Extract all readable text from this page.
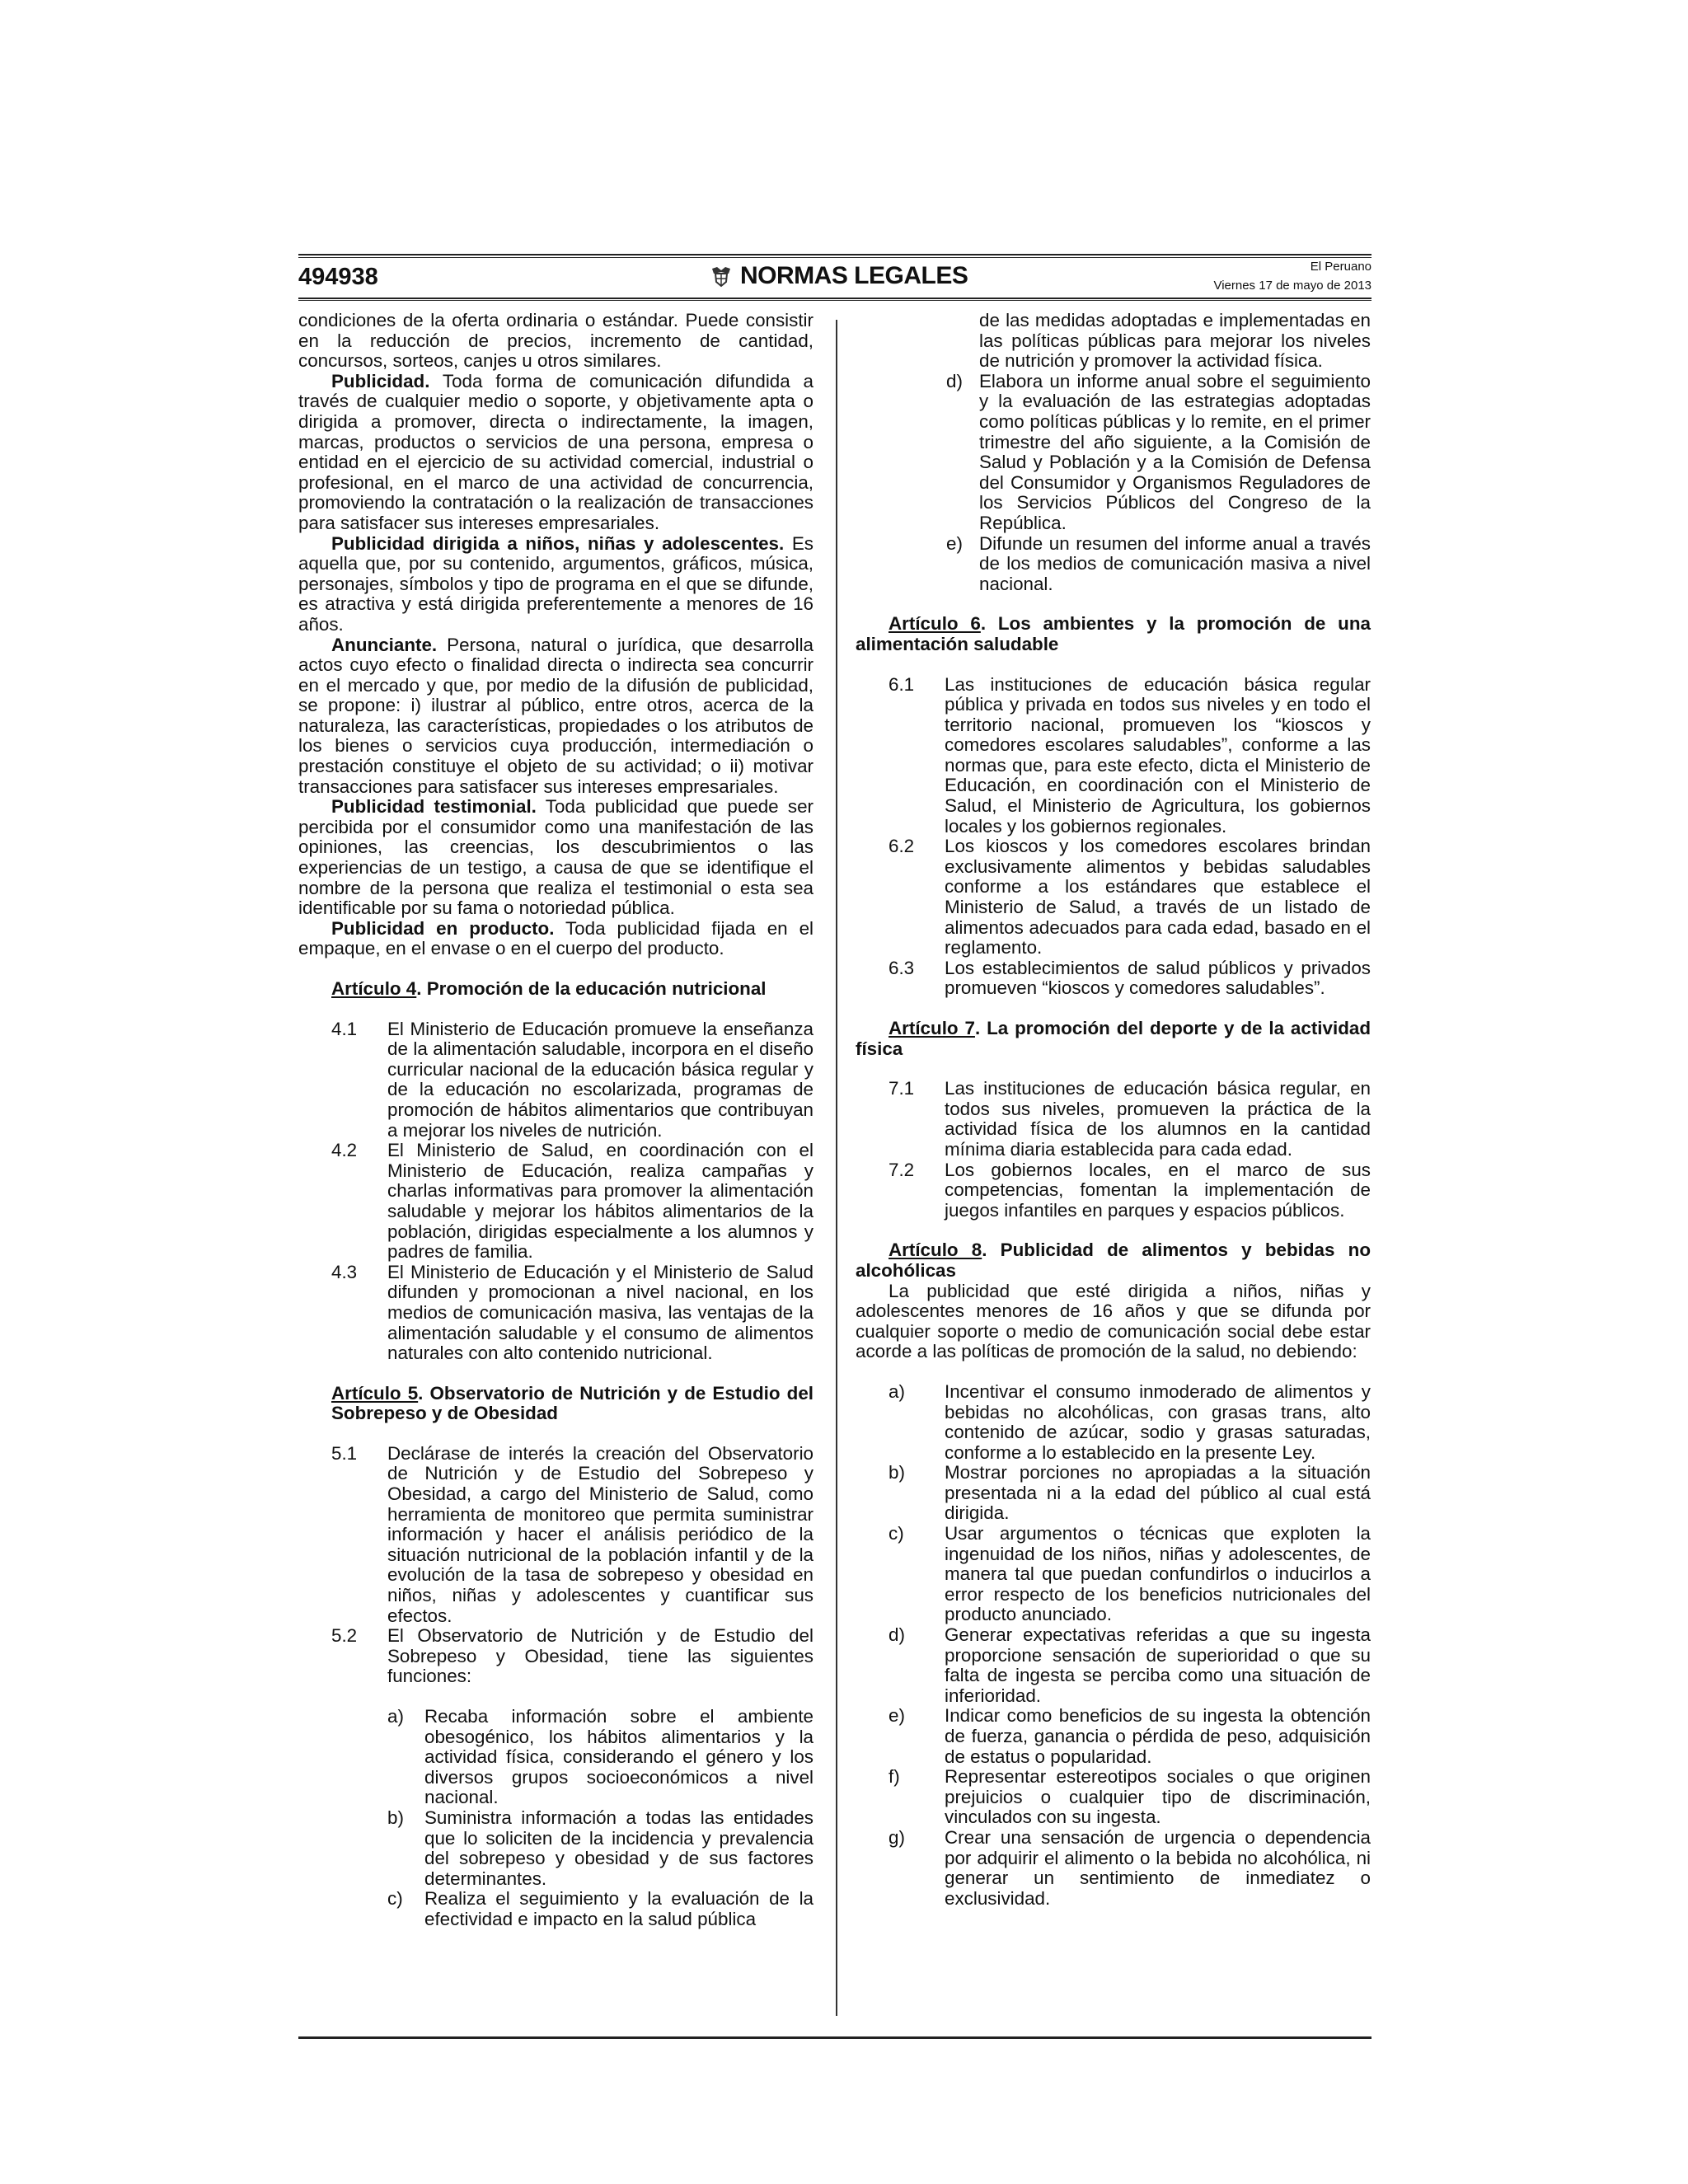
494938	NORMAS LEGALES	El Peruano
Viernes 17 de mayo de 2013

condiciones de la oferta ordinaria o estándar. Puede consistir en la reducción de precios, incremento de cantidad, concursos, sorteos, canjes u otros similares.

Publicidad. Toda forma de comunicación difundida a través de cualquier medio o soporte, y objetivamente apta o dirigida a promover, directa o indirectamente, la imagen, marcas, productos o servicios de una persona, empresa o entidad en el ejercicio de su actividad comercial, industrial o profesional, en el marco de una actividad de concurrencia, promoviendo la contratación o la realización de transacciones para satisfacer sus intereses empresariales.

Publicidad dirigida a niños, niñas y adolescentes. Es aquella que, por su contenido, argumentos, gráficos, música, personajes, símbolos y tipo de programa en el que se difunde, es atractiva y está dirigida preferentemente a menores de 16 años.

Anunciante. Persona, natural o jurídica, que desarrolla actos cuyo efecto o finalidad directa o indirecta sea concurrir en el mercado y que, por medio de la difusión de publicidad, se propone: i) ilustrar al público, entre otros, acerca de la naturaleza, las características, propiedades o los atributos de los bienes o servicios cuya producción, intermediación o prestación constituye el objeto de su actividad; o ii) motivar transacciones para satisfacer sus intereses empresariales.

Publicidad testimonial. Toda publicidad que puede ser percibida por el consumidor como una manifestación de las opiniones, las creencias, los descubrimientos o las experiencias de un testigo, a causa de que se identifique el nombre de la persona que realiza el testimonial o esta sea identificable por su fama o notoriedad pública.

Publicidad en producto. Toda publicidad fijada en el empaque, en el envase o en el cuerpo del producto.

Artículo 4. Promoción de la educación nutricional

4.1	El Ministerio de Educación promueve la enseñanza de la alimentación saludable, incorpora en el diseño curricular nacional de la educación básica regular y de la educación no escolarizada, programas de promoción de hábitos alimentarios que contribuyan a mejorar los niveles de nutrición.
4.2	El Ministerio de Salud, en coordinación con el Ministerio de Educación, realiza campañas y charlas informativas para promover la alimentación saludable y mejorar los hábitos alimentarios de la población, dirigidas especialmente a los alumnos y padres de familia.
4.3	El Ministerio de Educación y el Ministerio de Salud difunden y promocionan a nivel nacional, en los medios de comunicación masiva, las ventajas de la alimentación saludable y el consumo de alimentos naturales con alto contenido nutricional.

Artículo 5. Observatorio de Nutrición y de Estudio del Sobrepeso y de Obesidad

5.1	Declárase de interés la creación del Observatorio de Nutrición y de Estudio del Sobrepeso y Obesidad, a cargo del Ministerio de Salud, como herramienta de monitoreo que permita suministrar información y hacer el análisis periódico de la situación nutricional de la población infantil y de la evolución de la tasa de sobrepeso y obesidad en niños, niñas y adolescentes y cuantificar sus efectos.
5.2	El Observatorio de Nutrición y de Estudio del Sobrepeso y Obesidad, tiene las siguientes funciones:
a)	Recaba información sobre el ambiente obesogénico, los hábitos alimentarios y la actividad física, considerando el género y los diversos grupos socioeconómicos a nivel nacional.
b)	Suministra información a todas las entidades que lo soliciten de la incidencia y prevalencia del sobrepeso y obesidad y de sus factores determinantes.
c)	Realiza el seguimiento y la evaluación de la efectividad e impacto en la salud pública
de las medidas adoptadas e implementadas en las políticas públicas para mejorar los niveles de nutrición y promover la actividad física.
d) Elabora un informe anual sobre el seguimiento y la evaluación de las estrategias adoptadas como políticas públicas y lo remite, en el primer trimestre del año siguiente, a la Comisión de Salud y Población y a la Comisión de Defensa del Consumidor y Organismos Reguladores de los Servicios Públicos del Congreso de la República.
e) Difunde un resumen del informe anual a través de los medios de comunicación masiva a nivel nacional.

Artículo 6. Los ambientes y la promoción de una alimentación saludable

6.1	Las instituciones de educación básica regular pública y privada en todos sus niveles y en todo el territorio nacional, promueven los “kioscos y comedores escolares saludables”, conforme a las normas que, para este efecto, dicta el Ministerio de Educación, en coordinación con el Ministerio de Salud, el Ministerio de Agricultura, los gobiernos locales y los gobiernos regionales.
6.2	Los kioscos y los comedores escolares brindan exclusivamente alimentos y bebidas saludables conforme a los estándares que establece el Ministerio de Salud, a través de un listado de alimentos adecuados para cada edad, basado en el reglamento.
6.3	Los establecimientos de salud públicos y privados promueven “kioscos y comedores saludables”.

Artículo 7. La promoción del deporte y de la actividad física

7.1	Las instituciones de educación básica regular, en todos sus niveles, promueven la práctica de la actividad física de los alumnos en la cantidad mínima diaria establecida para cada edad.
7.2	Los gobiernos locales, en el marco de sus competencias, fomentan la implementación de juegos infantiles en parques y espacios públicos.

Artículo 8. Publicidad de alimentos y bebidas no alcohólicas

La publicidad que esté dirigida a niños, niñas y adolescentes menores de 16 años y que se difunda por cualquier soporte o medio de comunicación social debe estar acorde a las políticas de promoción de la salud, no debiendo:

a)	Incentivar el consumo inmoderado de alimentos y bebidas no alcohólicas, con grasas trans, alto contenido de azúcar, sodio y grasas saturadas, conforme a lo establecido en la presente Ley.
b)	Mostrar porciones no apropiadas a la situación presentada ni a la edad del público al cual está dirigida.
c)	Usar argumentos o técnicas que exploten la ingenuidad de los niños, niñas y adolescentes, de manera tal que puedan confundirlos o inducirlos a error respecto de los beneficios nutricionales del producto anunciado.
d)	Generar expectativas referidas a que su ingesta proporcione sensación de superioridad o que su falta de ingesta se perciba como una situación de inferioridad.
e)	Indicar como beneficios de su ingesta la obtención de fuerza, ganancia o pérdida de peso, adquisición de estatus o popularidad.
f)	Representar estereotipos sociales o que originen prejuicios o cualquier tipo de discriminación, vinculados con su ingesta.
g)	Crear una sensación de urgencia o dependencia por adquirir el alimento o la bebida no alcohólica, ni generar un sentimiento de inmediatez o exclusividad.
